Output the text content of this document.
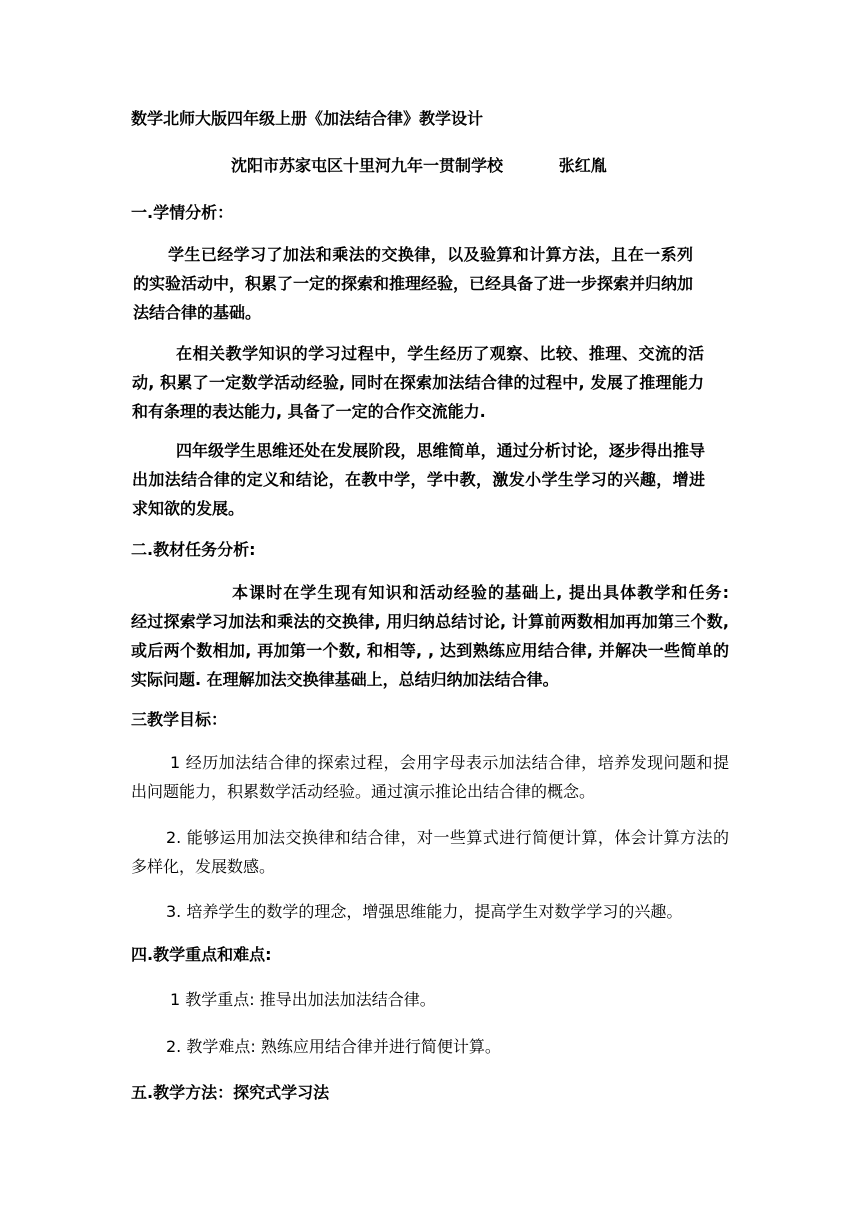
数学北师大版四年级上册《加法结合律》教学设计
沈阳市苏家屯区十里河九年一贯制学校          张红胤
一.学情分析：

学生已经学习了加法和乘法的交换律，以及验算和计算方法，且在一系列的实验活动中，积累了一定的探索和推理经验，已经具备了进一步探索并归纳加法结合律的基础。

在相关教学知识的学习过程中，学生经历了观察、比较、推理、交流的活动, 积累了一定数学活动经验, 同时在探索加法结合律的过程中, 发展了推理能力和有条理的表达能力, 具备了一定的合作交流能力.

四年级学生思维还处在发展阶段，思维简单，通过分析讨论，逐步得出推导出加法结合律的定义和结论，在教中学，学中教，激发小学生学习的兴趣，增进求知欲的发展。

二.教材任务分析:

本课时在学生现有知识和活动经验的基础上, 提出具体教学和任务:       经过探索学习加法和乘法的交换律, 用归纳总结讨论, 计算前两数相加再加第三个数, 或后两个数相加, 再加第一个数, 和相等, , 达到熟练应用结合律, 并解决一些简单的实际问题. 在理解加法交换律基础上，总结归纳加法结合律。

三教学目标：

1 经历加法结合律的探索过程，会用字母表示加法结合律，培养发现问题和提出问题能力，积累数学活动经验。通过演示推论出结合律的概念。

2. 能够运用加法交换律和结合律，对一些算式进行简便计算，体会计算方法的多样化，发展数感。

3. 培养学生的数学的理念，增强思维能力，提高学生对数学学习的兴趣。

四.教学重点和难点:
1 教学重点: 推导出加法加法结合律。
2. 教学难点: 熟练应用结合律并进行简便计算。
五.教学方法：探究式学习法
